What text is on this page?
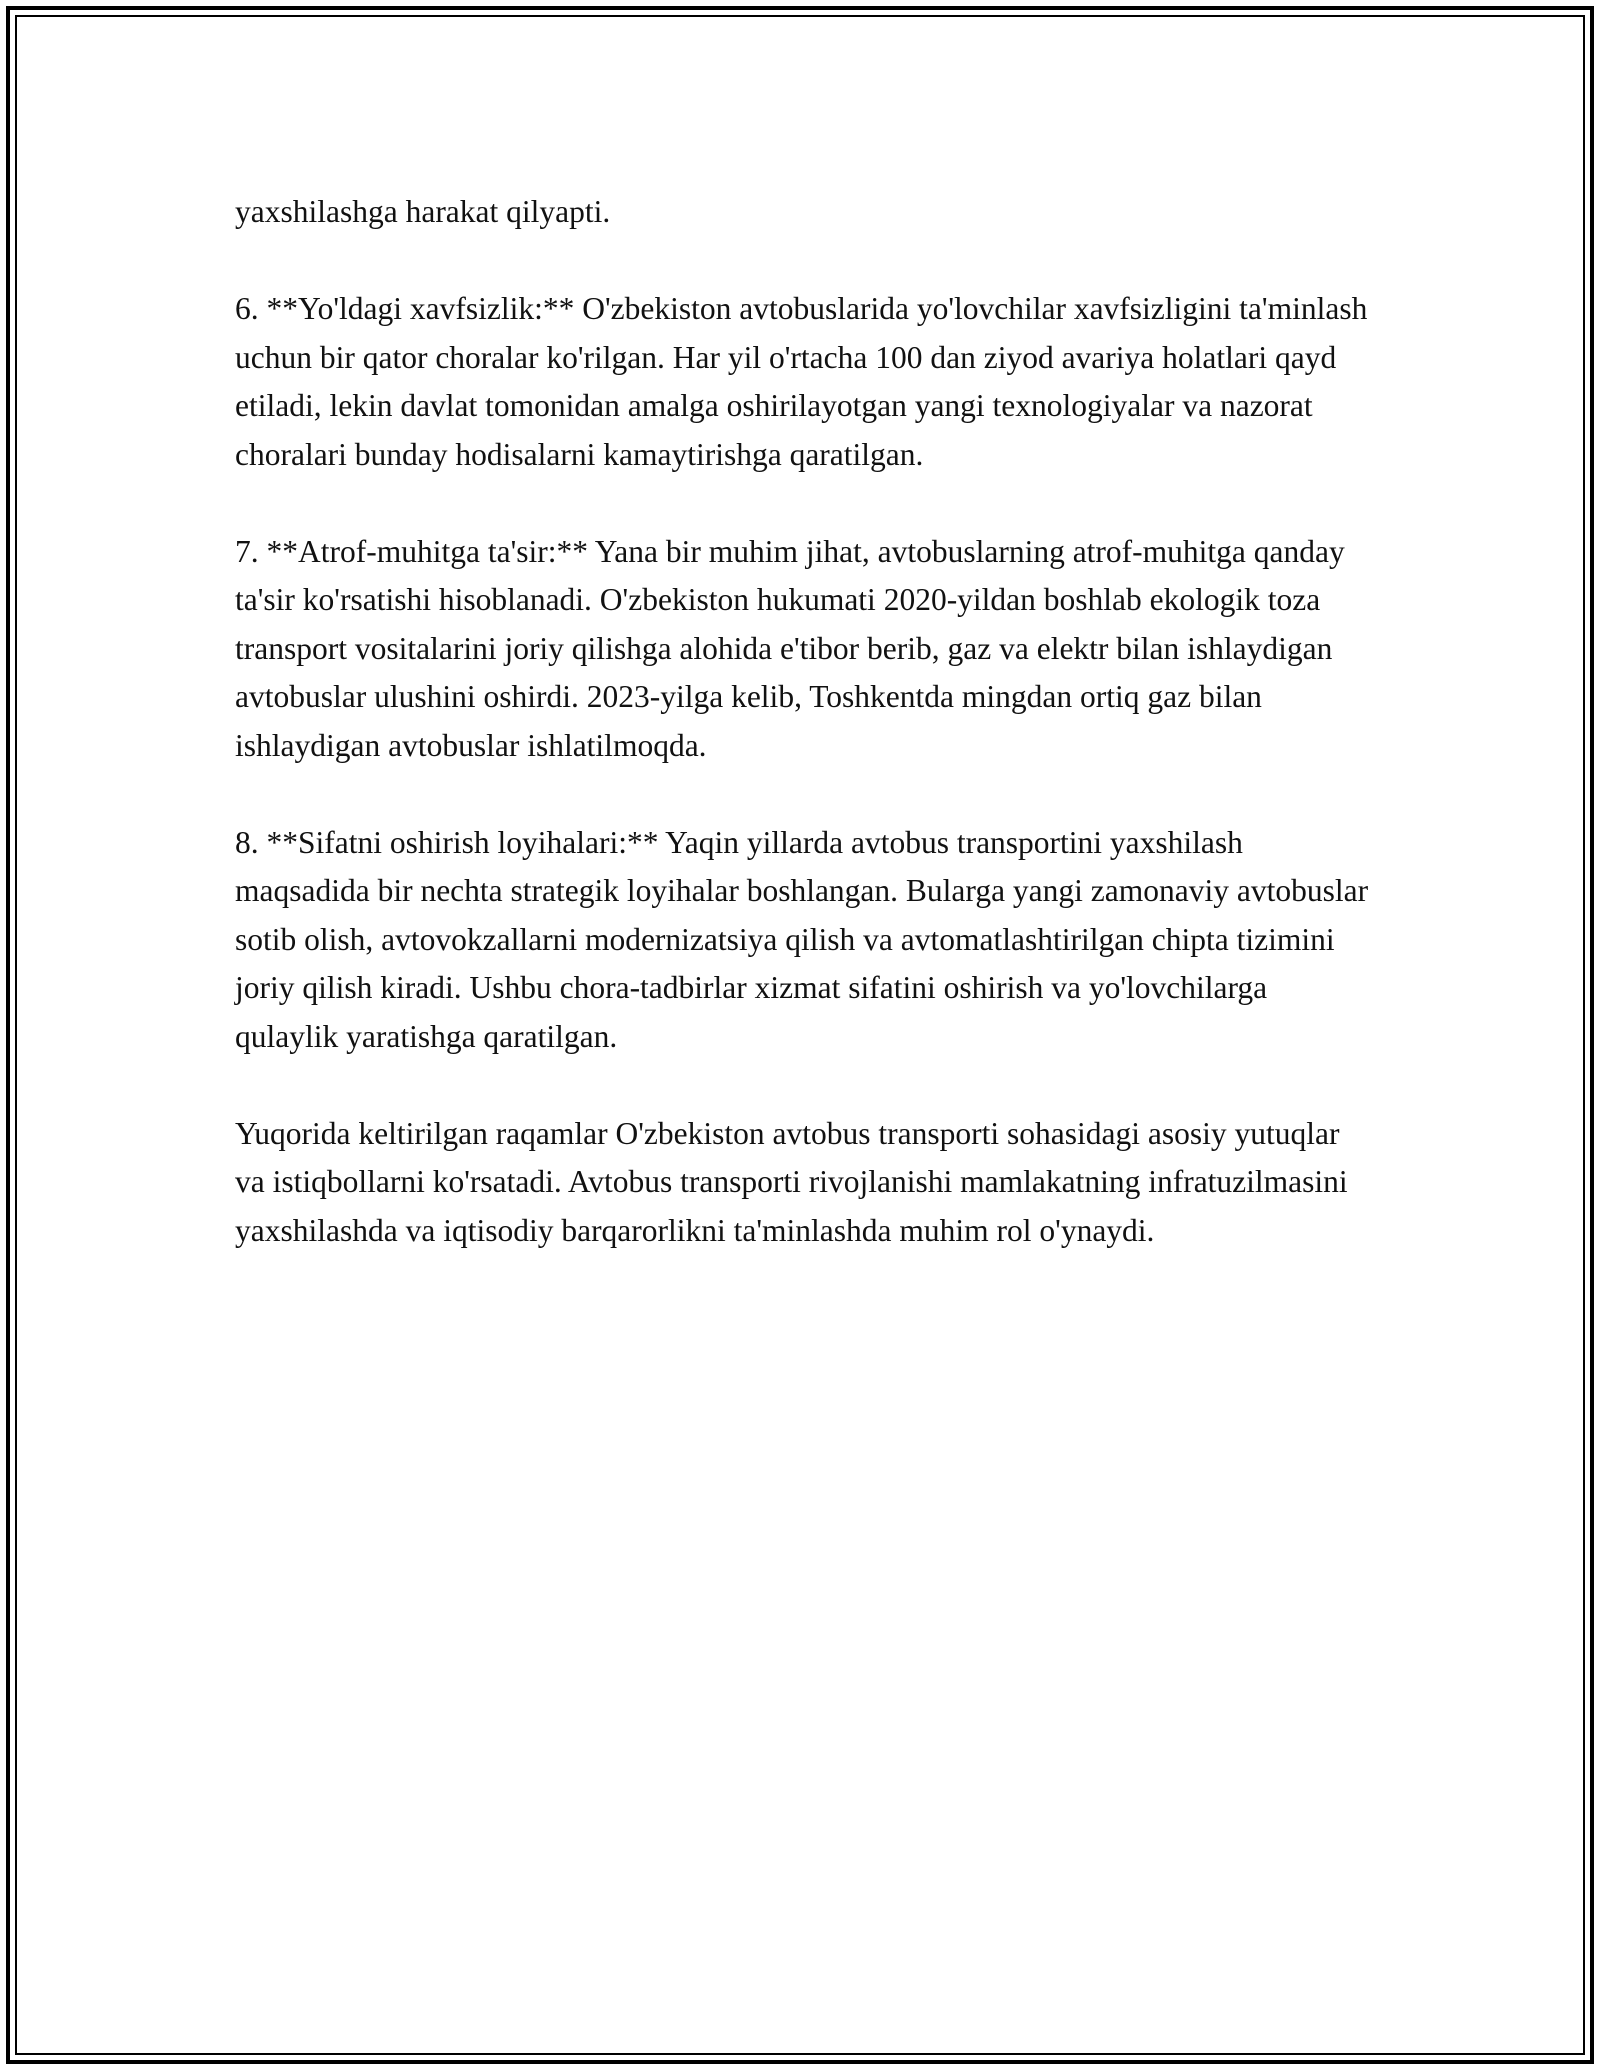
yaxshilashga harakat qilyapti.

6. **Yo'ldagi xavfsizlik:** O'zbekiston avtobuslarida yo'lovchilar xavfsizligini ta'minlash uchun bir qator choralar ko'rilgan. Har yil o'rtacha 100 dan ziyod avariya holatlari qayd etiladi, lekin davlat tomonidan amalga oshirilayotgan yangi texnologiyalar va nazorat choralari bunday hodisalarni kamaytirishga qaratilgan.

7. **Atrof-muhitga ta'sir:** Yana bir muhim jihat, avtobuslarning atrof-muhitga qanday ta'sir ko'rsatishi hisoblanadi. O'zbekiston hukumati 2020-yildan boshlab ekologik toza transport vositalarini joriy qilishga alohida e'tibor berib, gaz va elektr bilan ishlaydigan avtobuslar ulushini oshirdi. 2023-yilga kelib, Toshkentda mingdan ortiq gaz bilan ishlaydigan avtobuslar ishlatilmoqda.

8. **Sifatni oshirish loyihalari:** Yaqin yillarda avtobus transportini yaxshilash maqsadida bir nechta strategik loyihalar boshlangan. Bularga yangi zamonaviy avtobuslar sotib olish, avtovokzallarni modernizatsiya qilish va avtomatlashtirilgan chipta tizimini joriy qilish kiradi. Ushbu chora-tadbirlar xizmat sifatini oshirish va yo'lovchilarga qulaylik yaratishga qaratilgan.

Yuqorida keltirilgan raqamlar O'zbekiston avtobus transporti sohasidagi asosiy yutuqlar va istiqbollarni ko'rsatadi. Avtobus transporti rivojlanishi mamlakatning infratuzilmasini yaxshilashda va iqtisodiy barqarorlikni ta'minlashda muhim rol o'ynaydi.
